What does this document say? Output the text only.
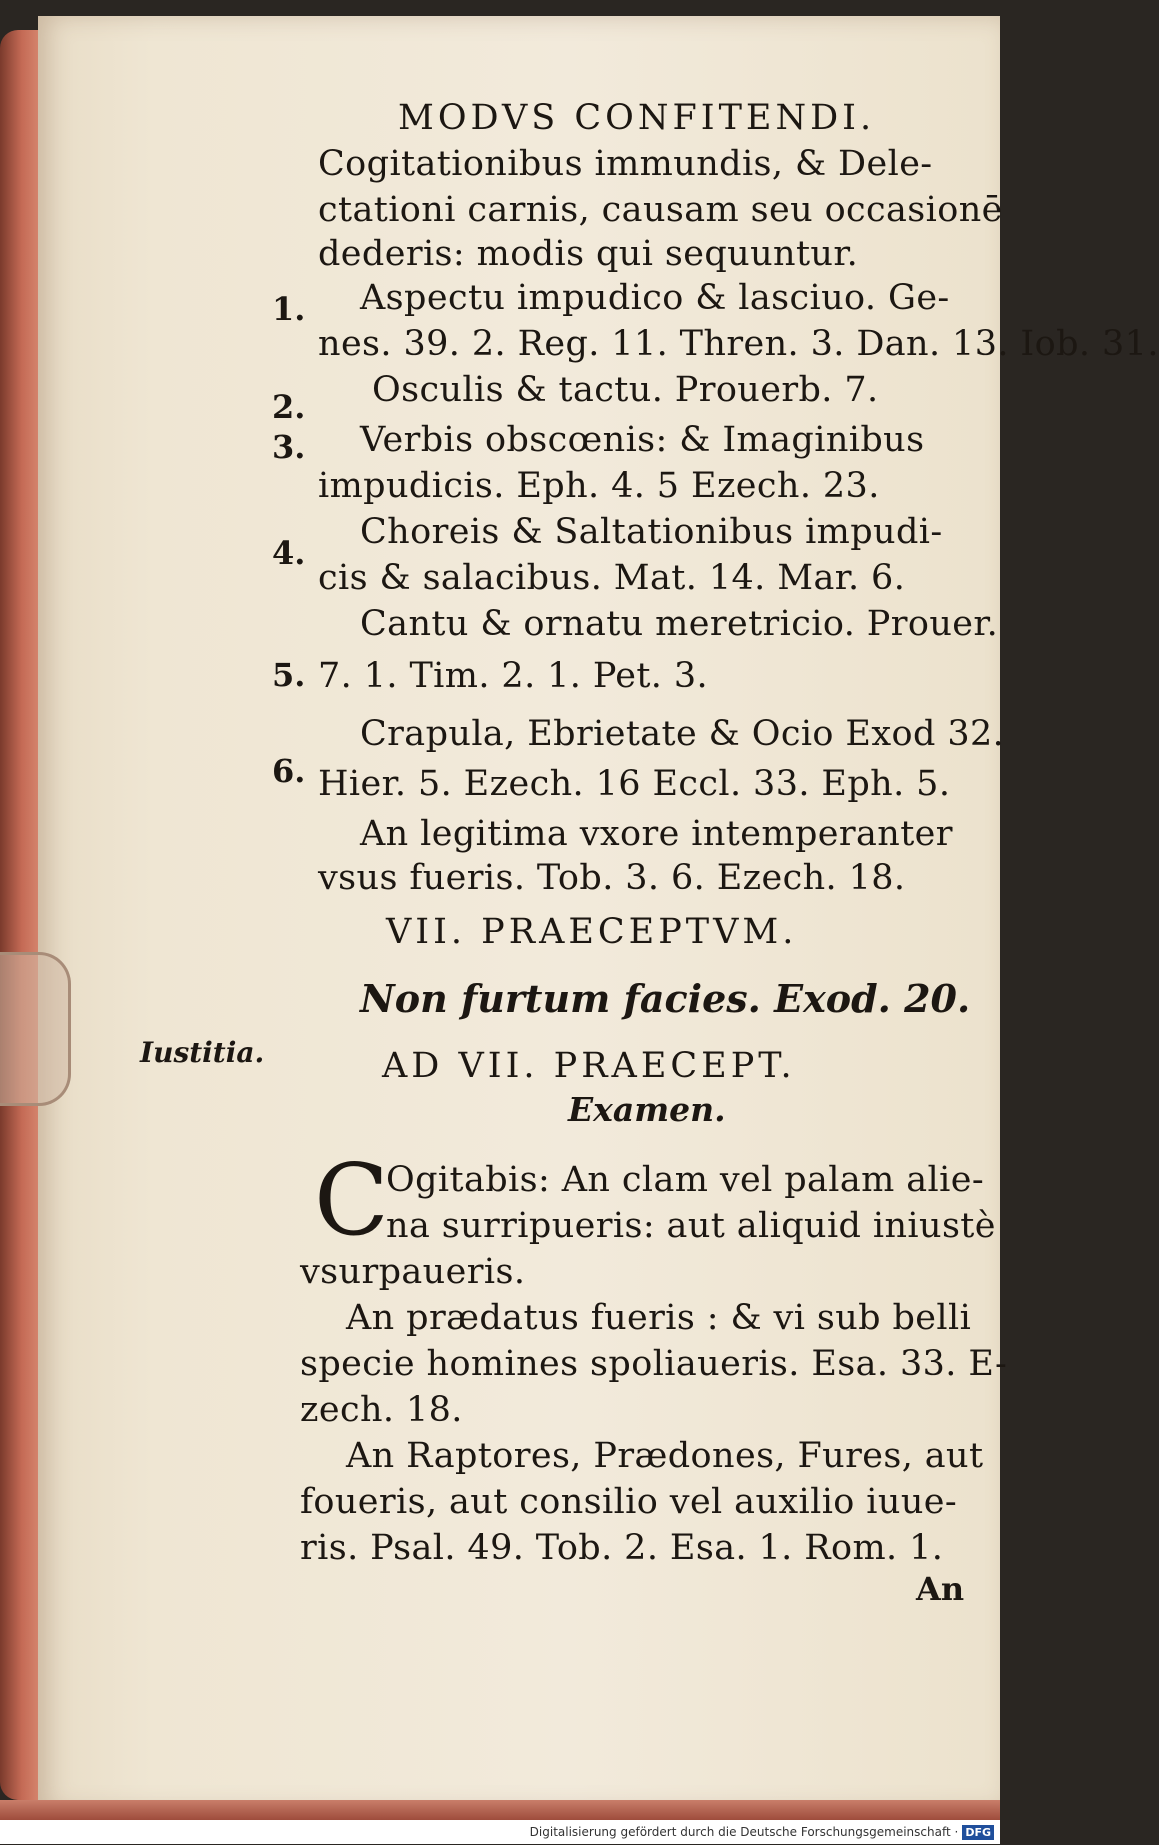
MODVS CONFITENDI.
Cogitationibus immundis, & Dele-
ctationi carnis, causam seu occasionē
dederis: modis qui sequuntur.
1. Aspectu impudico & lasciuo. Ge-
nes. 39. 2. Reg. 11. Thren. 3. Dan. 13. Iob. 31.
2. Osculis & tactu. Prouerb. 7.
3. Verbis obscœnis: & Imaginibus
impudicis. Eph. 4. 5 Ezech. 23.
4.
Choreis & Saltationibus impudi-
cis & salacibus. Mat. 14. Mar. 6.
Cantu & ornatu meretricio. Prouer.
5. 7. 1. Tim. 2. 1. Pet. 3.
Crapula, Ebrietate & Ocio Exod 32.
6. Hier. 5. Ezech. 16 Eccl. 33. Eph. 5.
An legitima vxore intemperanter
vsus fueris. Tob. 3. 6. Ezech. 18.
VII. PRAECEPTVM.
Non furtum facies. Exod. 20.
Iustitia.	AD VII. PRAECEPT.
Examen.
C
Ogitabis: An clam vel palam alie-
na surripueris: aut aliquid iniustè
vsurpaueris.
An prædatus fueris : & vi sub belli
specie homines spoliaueris. Esa. 33. E-
zech. 18.
An Raptores, Prædones, Fures, aut
foueris, aut consilio vel auxilio iuue-
ris. Psal. 49. Tob. 2. Esa. 1. Rom. 1.
An
Digitalisierung gefördert durch die Deutsche Forschungsgemeinschaft · DFG
